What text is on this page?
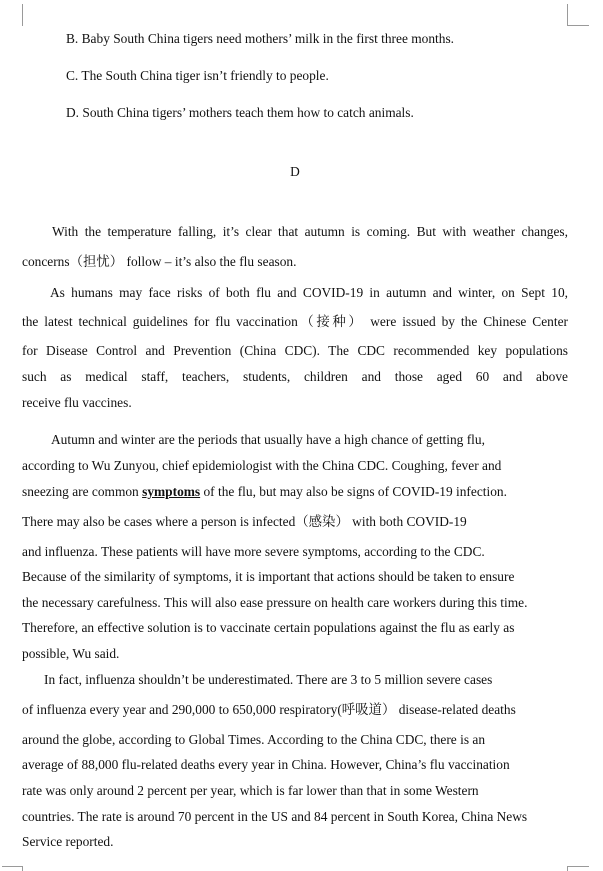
B. Baby South China tigers need mothers’ milk in the first three months.
C. The South China tiger isn’t friendly to people.
D. South China tigers’ mothers teach them how to catch animals.
D
With the temperature falling, it’s clear that autumn is coming. But with weather changes,
concerns（担忧） follow – it’s also the flu season.
As humans may face risks of both flu and COVID-19 in autumn and winter, on Sept 10,
the latest technical guidelines for flu vaccination（接种） were issued by the Chinese Center
for Disease Control and Prevention (China CDC). The CDC recommended key populations
such as medical staff, teachers, students, children and those aged 60 and above
receive flu vaccines.
Autumn and winter are the periods that usually have a high chance of getting flu,
according to Wu Zunyou, chief epidemiologist with the China CDC. Coughing, fever and
sneezing are common symptoms of the flu, but may also be signs of COVID-19 infection.
There may also be cases where a person is infected（感染） with both COVID-19
and influenza. These patients will have more severe symptoms, according to the CDC.
Because of the similarity of symptoms, it is important that actions should be taken to ensure
the necessary carefulness. This will also ease pressure on health care workers during this time.
Therefore, an effective solution is to vaccinate certain populations against the flu as early as
possible, Wu said.
In fact, influenza shouldn’t be underestimated. There are 3 to 5 million severe cases
of influenza every year and 290,000 to 650,000 respiratory(呼吸道） disease-related deaths
around the globe, according to Global Times. According to the China CDC, there is an
average of 88,000 flu-related deaths every year in China. However, China’s flu vaccination
rate was only around 2 percent per year, which is far lower than that in some Western
countries. The rate is around 70 percent in the US and 84 percent in South Korea, China News
Service reported.
